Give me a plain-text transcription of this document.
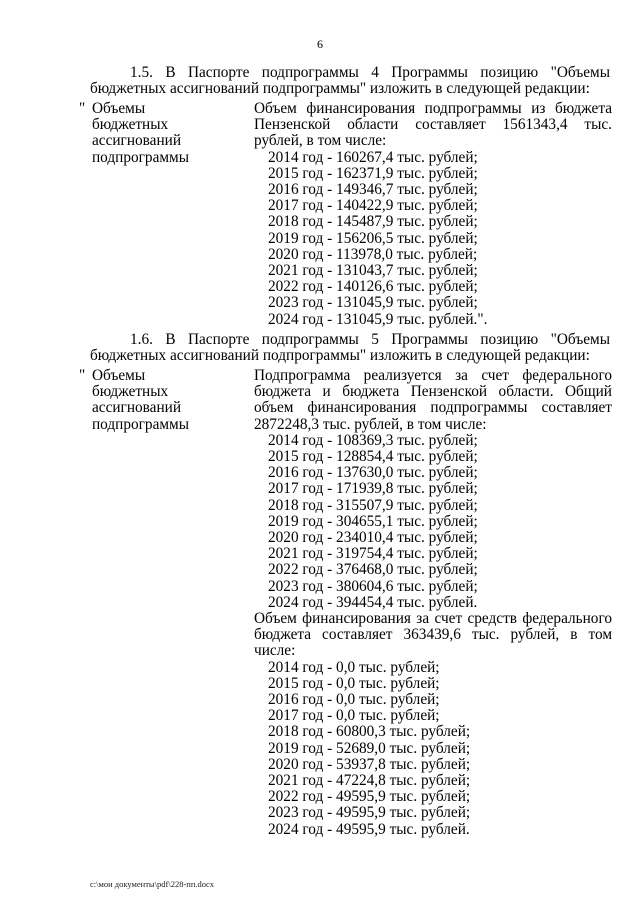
6
1.5. В Паспорте подпрограммы 4 Программы позицию "Объемы
бюджетных ассигнований подпрограммы" изложить в следующей редакции:
" Объемы
бюджетных
ассигнований
подпрограммы
Объем финансирования подпрограммы из бюджета Пензенской области составляет 1561343,4 тыс. рублей, в том числе:
2014 год - 160267,4 тыс. рублей;
2015 год - 162371,9 тыс. рублей;
2016 год - 149346,7 тыс. рублей;
2017 год - 140422,9 тыс. рублей;
2018 год - 145487,9 тыс. рублей;
2019 год - 156206,5 тыс. рублей;
2020 год - 113978,0 тыс. рублей;
2021 год - 131043,7 тыс. рублей;
2022 год - 140126,6 тыс. рублей;
2023 год - 131045,9 тыс. рублей;
2024 год - 131045,9 тыс. рублей.".
1.6. В Паспорте подпрограммы 5 Программы позицию "Объемы
бюджетных ассигнований подпрограммы" изложить в следующей редакции:
" Объемы
бюджетных
ассигнований
подпрограммы
Подпрограмма реализуется за счет федерального бюджета и бюджета Пензенской области. Общий объем финансирования подпрограммы составляет 2872248,3 тыс. рублей, в том числе:
2014 год - 108369,3 тыс. рублей;
2015 год - 128854,4 тыс. рублей;
2016 год - 137630,0 тыс. рублей;
2017 год - 171939,8 тыс. рублей;
2018 год - 315507,9 тыс. рублей;
2019 год - 304655,1 тыс. рублей;
2020 год - 234010,4 тыс. рублей;
2021 год - 319754,4 тыс. рублей;
2022 год - 376468,0 тыс. рублей;
2023 год - 380604,6 тыс. рублей;
2024 год - 394454,4 тыс. рублей.
Объем финансирования за счет средств федерального бюджета составляет 363439,6 тыс. рублей, в том числе:
2014 год - 0,0 тыс. рублей;
2015 год - 0,0 тыс. рублей;
2016 год - 0,0 тыс. рублей;
2017 год - 0,0 тыс. рублей;
2018 год - 60800,3 тыс. рублей;
2019 год - 52689,0 тыс. рублей;
2020 год - 53937,8 тыс. рублей;
2021 год - 47224,8 тыс. рублей;
2022 год - 49595,9 тыс. рублей;
2023 год - 49595,9 тыс. рублей;
2024 год - 49595,9 тыс. рублей.
c:\мои документы\pdf\228-пп.docx
